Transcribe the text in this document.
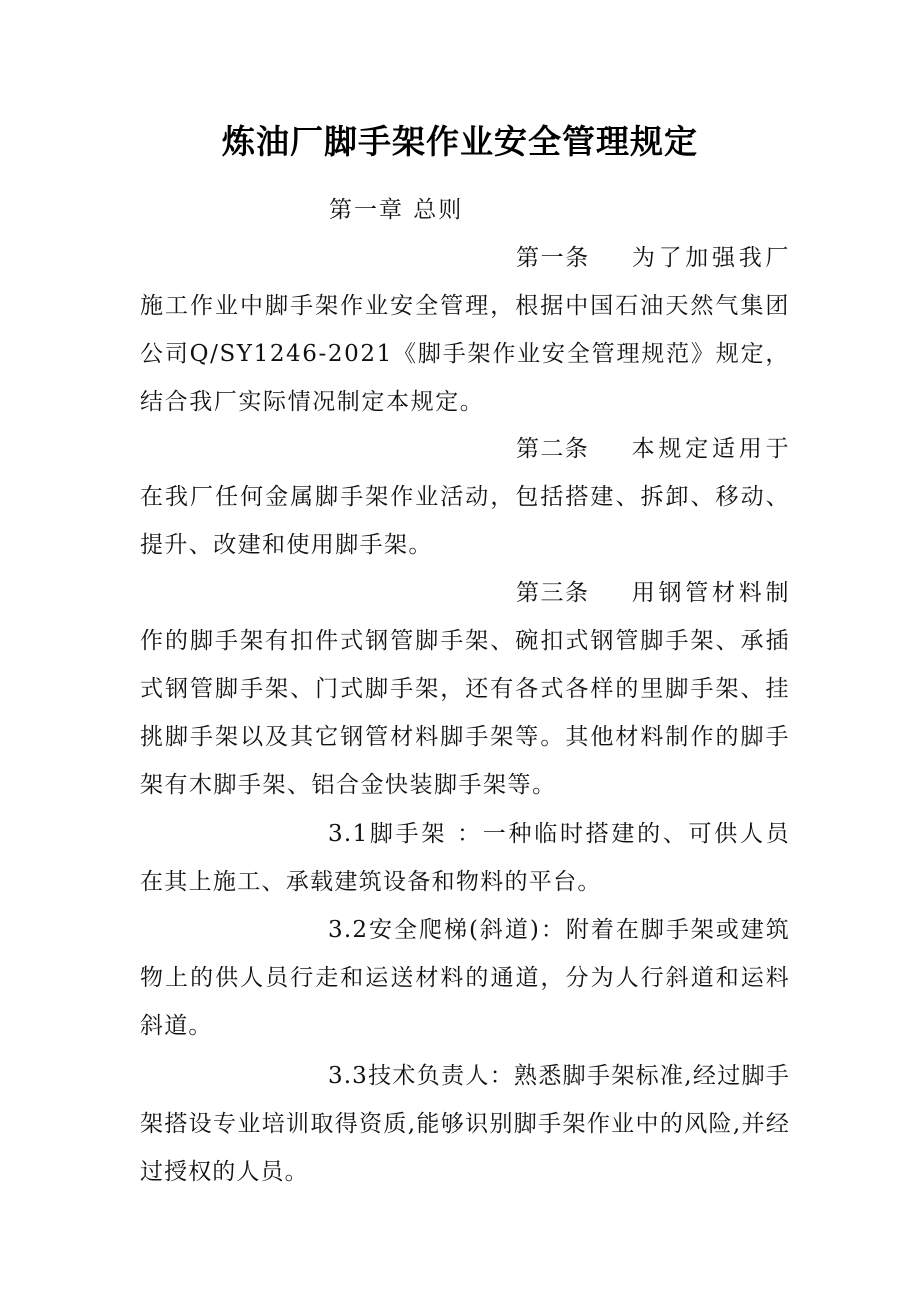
炼油厂脚手架作业安全管理规定
第一章 总则

第一条 为了加强我厂施工作业中脚手架作业安全管理，根据中国石油天然气集团公司Q/SY1246-2021《脚手架作业安全管理规范》规定，结合我厂实际情况制定本规定。

第二条 本规定适用于在我厂任何金属脚手架作业活动，包括搭建、拆卸、移动、提升、改建和使用脚手架。

第三条 用钢管材料制作的脚手架有扣件式钢管脚手架、碗扣式钢管脚手架、承插式钢管脚手架、门式脚手架，还有各式各样的里脚手架、挂挑脚手架以及其它钢管材料脚手架等。其他材料制作的脚手架有木脚手架、铝合金快装脚手架等。

3.1脚手架 ：一种临时搭建的、可供人员在其上施工、承载建筑设备和物料的平台。

3.2安全爬梯(斜道)：附着在脚手架或建筑物上的供人员行走和运送材料的通道，分为人行斜道和运料斜道。

3.3技术负责人：熟悉脚手架标准,经过脚手架搭设专业培训取得资质,能够识别脚手架作业中的风险,并经过授权的人员。
